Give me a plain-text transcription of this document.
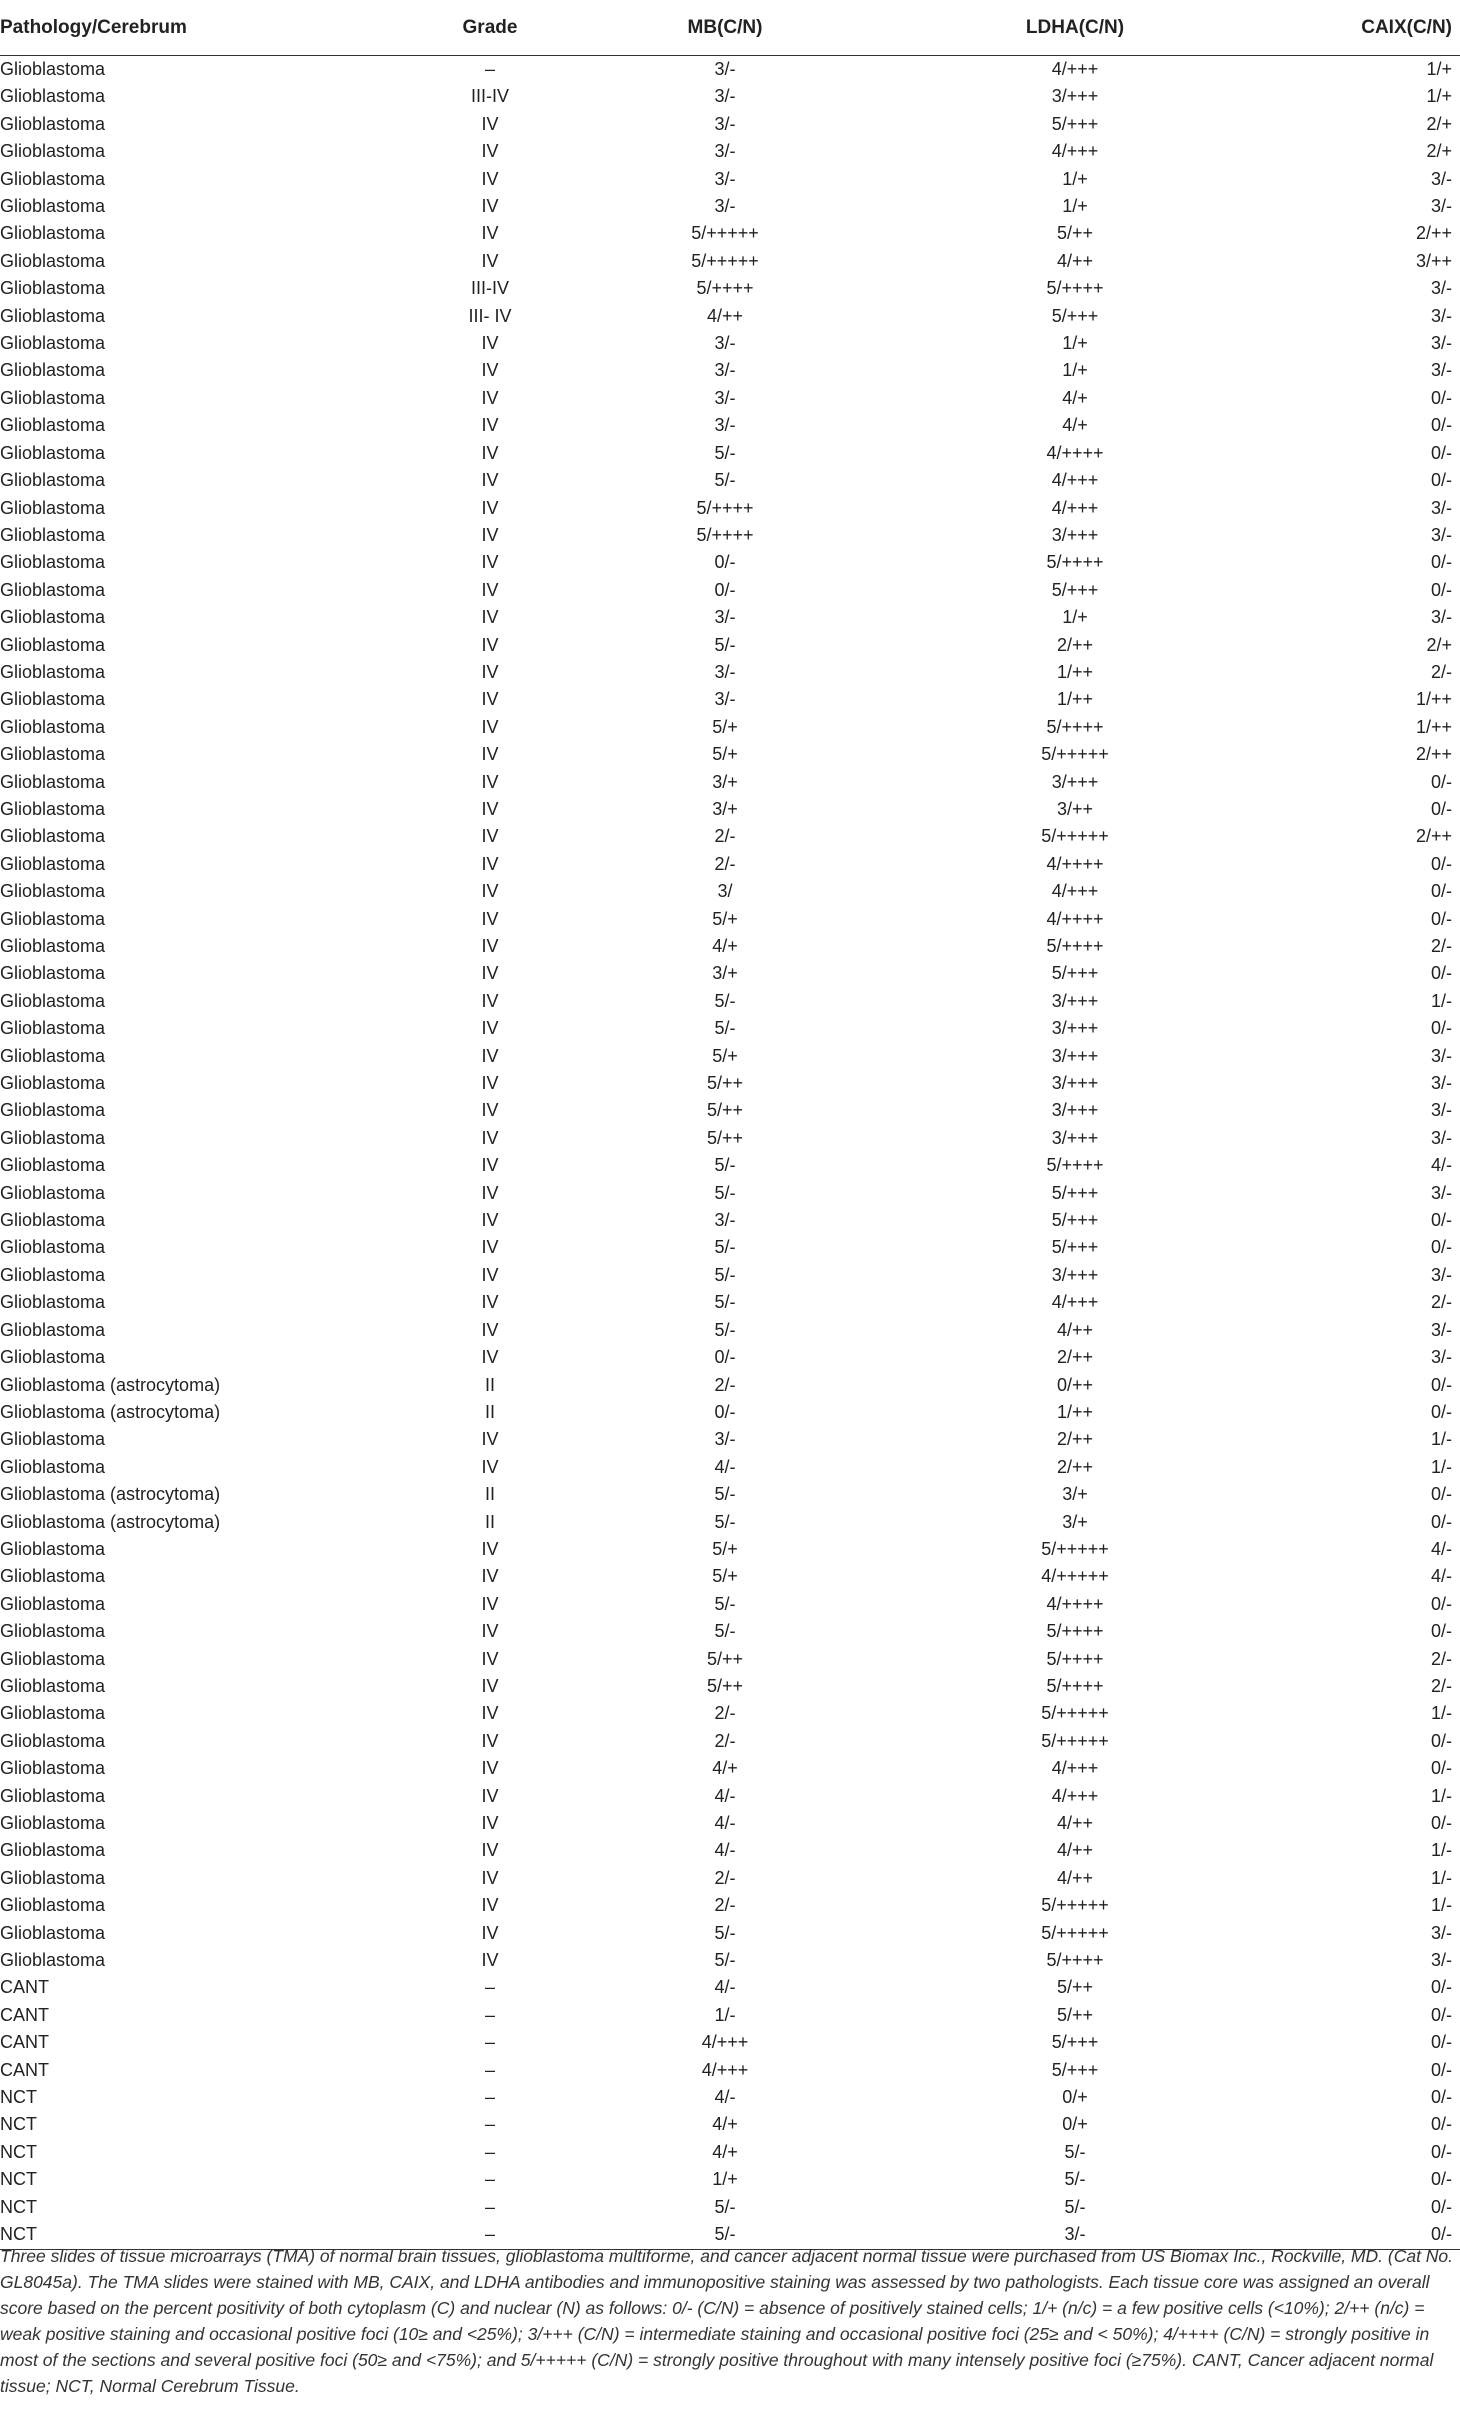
Pathology/Cerebrum	Grade	MB(C/N)	LDHA(C/N)	CAIX(C/N)
Glioblastoma	–	3/-	4/+++	1/+
Glioblastoma	III-IV	3/-	3/+++	1/+
Glioblastoma	IV	3/-	5/+++	2/+
Glioblastoma	IV	3/-	4/+++	2/+
Glioblastoma	IV	3/-	1/+	3/-
Glioblastoma	IV	3/-	1/+	3/-
Glioblastoma	IV	5/+++++	5/++	2/++
Glioblastoma	IV	5/+++++	4/++	3/++
Glioblastoma	III-IV	5/++++	5/++++	3/-
Glioblastoma	III- IV	4/++	5/+++	3/-
Glioblastoma	IV	3/-	1/+	3/-
Glioblastoma	IV	3/-	1/+	3/-
Glioblastoma	IV	3/-	4/+	0/-
Glioblastoma	IV	3/-	4/+	0/-
Glioblastoma	IV	5/-	4/++++	0/-
Glioblastoma	IV	5/-	4/+++	0/-
Glioblastoma	IV	5/++++	4/+++	3/-
Glioblastoma	IV	5/++++	3/+++	3/-
Glioblastoma	IV	0/-	5/++++	0/-
Glioblastoma	IV	0/-	5/+++	0/-
Glioblastoma	IV	3/-	1/+	3/-
Glioblastoma	IV	5/-	2/++	2/+
Glioblastoma	IV	3/-	1/++	2/-
Glioblastoma	IV	3/-	1/++	1/++
Glioblastoma	IV	5/+	5/++++	1/++
Glioblastoma	IV	5/+	5/+++++	2/++
Glioblastoma	IV	3/+	3/+++	0/-
Glioblastoma	IV	3/+	3/++	0/-
Glioblastoma	IV	2/-	5/+++++	2/++
Glioblastoma	IV	2/-	4/++++	0/-
Glioblastoma	IV	3/	4/+++	0/-
Glioblastoma	IV	5/+	4/++++	0/-
Glioblastoma	IV	4/+	5/++++	2/-
Glioblastoma	IV	3/+	5/+++	0/-
Glioblastoma	IV	5/-	3/+++	1/-
Glioblastoma	IV	5/-	3/+++	0/-
Glioblastoma	IV	5/+	3/+++	3/-
Glioblastoma	IV	5/++	3/+++	3/-
Glioblastoma	IV	5/++	3/+++	3/-
Glioblastoma	IV	5/++	3/+++	3/-
Glioblastoma	IV	5/-	5/++++	4/-
Glioblastoma	IV	5/-	5/+++	3/-
Glioblastoma	IV	3/-	5/+++	0/-
Glioblastoma	IV	5/-	5/+++	0/-
Glioblastoma	IV	5/-	3/+++	3/-
Glioblastoma	IV	5/-	4/+++	2/-
Glioblastoma	IV	5/-	4/++	3/-
Glioblastoma	IV	0/-	2/++	3/-
Glioblastoma (astrocytoma)	II	2/-	0/++	0/-
Glioblastoma (astrocytoma)	II	0/-	1/++	0/-
Glioblastoma	IV	3/-	2/++	1/-
Glioblastoma	IV	4/-	2/++	1/-
Glioblastoma (astrocytoma)	II	5/-	3/+	0/-
Glioblastoma (astrocytoma)	II	5/-	3/+	0/-
Glioblastoma	IV	5/+	5/+++++	4/-
Glioblastoma	IV	5/+	4/+++++	4/-
Glioblastoma	IV	5/-	4/++++	0/-
Glioblastoma	IV	5/-	5/++++	0/-
Glioblastoma	IV	5/++	5/++++	2/-
Glioblastoma	IV	5/++	5/++++	2/-
Glioblastoma	IV	2/-	5/+++++	1/-
Glioblastoma	IV	2/-	5/+++++	0/-
Glioblastoma	IV	4/+	4/+++	0/-
Glioblastoma	IV	4/-	4/+++	1/-
Glioblastoma	IV	4/-	4/++	0/-
Glioblastoma	IV	4/-	4/++	1/-
Glioblastoma	IV	2/-	4/++	1/-
Glioblastoma	IV	2/-	5/+++++	1/-
Glioblastoma	IV	5/-	5/+++++	3/-
Glioblastoma	IV	5/-	5/++++	3/-
CANT	–	4/-	5/++	0/-
CANT	–	1/-	5/++	0/-
CANT	–	4/+++	5/+++	0/-
CANT	–	4/+++	5/+++	0/-
NCT	–	4/-	0/+	0/-
NCT	–	4/+	0/+	0/-
NCT	–	4/+	5/-	0/-
NCT	–	1/+	5/-	0/-
NCT	–	5/-	5/-	0/-
NCT	–	5/-	3/-	0/-
Three slides of tissue microarrays (TMA) of normal brain tissues, glioblastoma multiforme, and cancer adjacent normal tissue were purchased from US Biomax Inc., Rockville, MD. (Cat No. GL8045a). The TMA slides were stained with MB, CAIX, and LDHA antibodies and immunopositive staining was assessed by two pathologists. Each tissue core was assigned an overall score based on the percent positivity of both cytoplasm (C) and nuclear (N) as follows: 0/- (C/N) = absence of positively stained cells; 1/+ (n/c) = a few positive cells (<10%); 2/++ (n/c) = weak positive staining and occasional positive foci (10≥ and <25%); 3/+++ (C/N) = intermediate staining and occasional positive foci (25≥ and < 50%); 4/++++ (C/N) = strongly positive in most of the sections and several positive foci (50≥ and <75%); and 5/+++++ (C/N) = strongly positive throughout with many intensely positive foci (≥75%). CANT, Cancer adjacent normal tissue; NCT, Normal Cerebrum Tissue.
